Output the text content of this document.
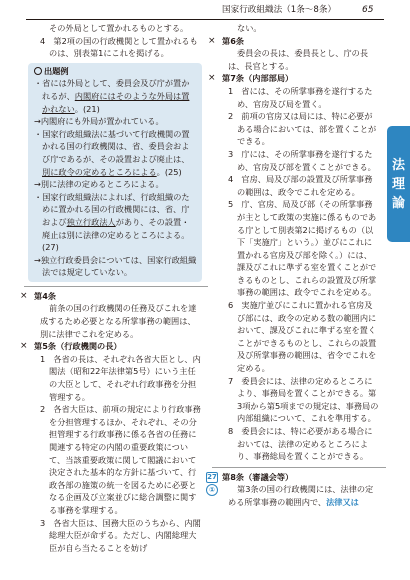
国家行政組織法（1条～8条）	65
法理論

その外局として置かれるものとする。

4　第2項の国の行政機関として置かれるものは、別表第1にこれを掲げる。

出題例

・省には外局として、委員会及び庁が置かれるが、内閣府にはそのような外局は置かれない。(21)

→内閣府にも外局が置かれている。

・国家行政組織法に基づいて行政機関の置かれる国の行政機関は、省、委員会および庁であるが、その設置および廃止は、別に政令の定めるところによる。(25)

→別に法律の定めるところによる。

・国家行政組織法によれば、行政組織のために置かれる国の行政機関には、省、庁および独立行政法人があり、その設置・廃止は別に法律の定めるところによる。(27)

→独立行政委員会については、国家行政組織法では規定していない。

× 第4条

前条の国の行政機関の任務及びこれを達成するため必要となる所掌事務の範囲は、別に法律でこれを定める。

× 第5条（行政機関の長）

1　各省の長は、それぞれ各省大臣とし、内閣法（昭和22年法律第5号）にいう主任の大臣として、それぞれ行政事務を分担管理する。

2　各省大臣は、前項の規定により行政事務を分担管理するほか、それぞれ、その分担管理する行政事務に係る各省の任務に関連する特定の内閣の重要政策について、当該重要政策に関して閣議において決定された基本的な方針に基づいて、行政各部の施策の統一を図るために必要となる企画及び立案並びに総合調整に関する事務を掌理する。

3　各省大臣は、国務大臣のうちから、内閣総理大臣が命ずる。ただし、内閣総理大臣が自ら当たることを妨げ

ない。

× 第6条

委員会の長は、委員長とし、庁の長は、長官とする。

× 第7条（内部部局）

1　省には、その所掌事務を遂行するため、官房及び局を置く。

2　前項の官房又は局には、特に必要がある場合においては、部を置くことができる。

3　庁には、その所掌事務を遂行するため、官房及び部を置くことができる。

4　官房、局及び部の設置及び所掌事務の範囲は、政令でこれを定める。

5　庁、官房、局及び部（その所掌事務が主として政策の実施に係るものである庁として別表第2に掲げるもの（以下「実施庁」という。）並びにこれに置かれる官房及び部を除く。）には、課及びこれに準ずる室を置くことができるものとし、これらの設置及び所掌事務の範囲は、政令でこれを定める。

6　実施庁並びにこれに置かれる官房及び部には、政令の定める数の範囲内において、課及びこれに準ずる室を置くことができるものとし、これらの設置及び所掌事務の範囲は、省令でこれを定める。

7　委員会には、法律の定めるところにより、事務局を置くことができる。第3項から第5項までの規定は、事務局の内部組織について、これを準用する。

8　委員会には、特に必要がある場合においては、法律の定めるところにより、事務総局を置くことができる。

27
①
第8条（審議会等）

第3条の国の行政機関には、法律の定める所掌事務の範囲内で、法律又は
